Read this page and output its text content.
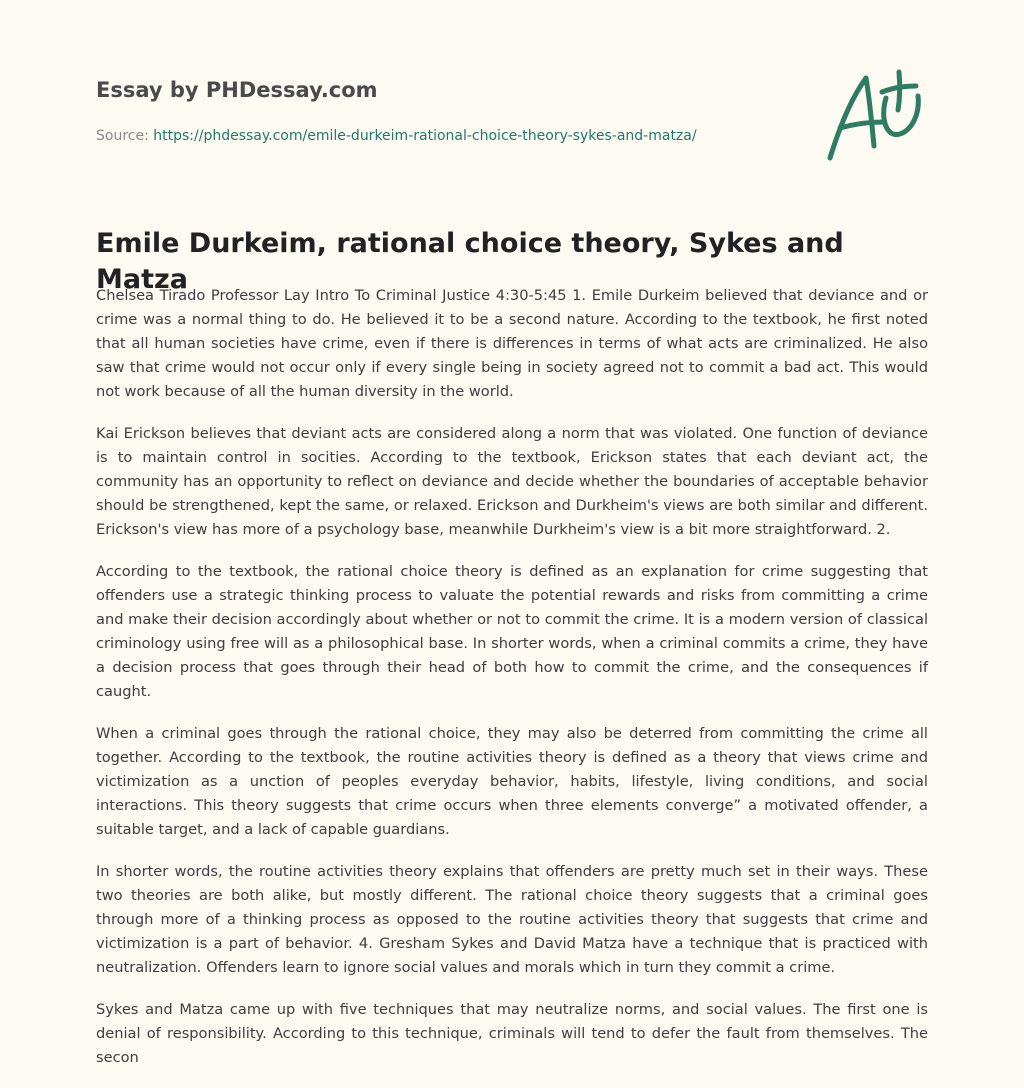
Essay by PHDessay.com
Source: https://phdessay.com/emile-durkeim-rational-choice-theory-sykes-and-matza/
Emile Durkeim, rational choice theory, Sykes and Matza

Chelsea Tirado Professor Lay Intro To Criminal Justice 4:30-5:45 1. Emile Durkeim believed that deviance and or crime was a normal thing to do. He believed it to be a second nature. According to the textbook, he first noted that all human societies have crime, even if there is differences in terms of what acts are criminalized. He also saw that crime would not occur only if every single being in society agreed not to commit a bad act. This would not work because of all the human diversity in the world.

Kai Erickson believes that deviant acts are considered along a norm that was violated. One function of deviance is to maintain control in socities. According to the textbook, Erickson states that each deviant act, the community has an opportunity to reflect on deviance and decide whether the boundaries of acceptable behavior should be strengthened, kept the same, or relaxed. Erickson and Durkheim's views are both similar and different. Erickson's view has more of a psychology base, meanwhile Durkheim's view is a bit more straightforward. 2.

According to the textbook, the rational choice theory is defined as an explanation for crime suggesting that offenders use a strategic thinking process to valuate the potential rewards and risks from committing a crime and make their decision accordingly about whether or not to commit the crime. It is a modern version of classical criminology using free will as a philosophical base. In shorter words, when a criminal commits a crime, they have a decision process that goes through their head of both how to commit the crime, and the consequences if caught.

When a criminal goes through the rational choice, they may also be deterred from committing the crime all together. According to the textbook, the routine activities theory is defined as a theory that views crime and victimization as a unction of peoples everyday behavior, habits, lifestyle, living conditions, and social interactions. This theory suggests that crime occurs when three elements converge” a motivated offender, a suitable target, and a lack of capable guardians.

In shorter words, the routine activities theory explains that offenders are pretty much set in their ways. These two theories are both alike, but mostly different. The rational choice theory suggests that a criminal goes through more of a thinking process as opposed to the routine activities theory that suggests that crime and victimization is a part of behavior. 4. Gresham Sykes and David Matza have a technique that is practiced with neutralization. Offenders learn to ignore social values and morals which in turn they commit a crime.

Sykes and Matza came up with five techniques that may neutralize norms, and social values. The first one is denial of responsibility. According to this technique, criminals will tend to defer the fault from themselves. The secon
